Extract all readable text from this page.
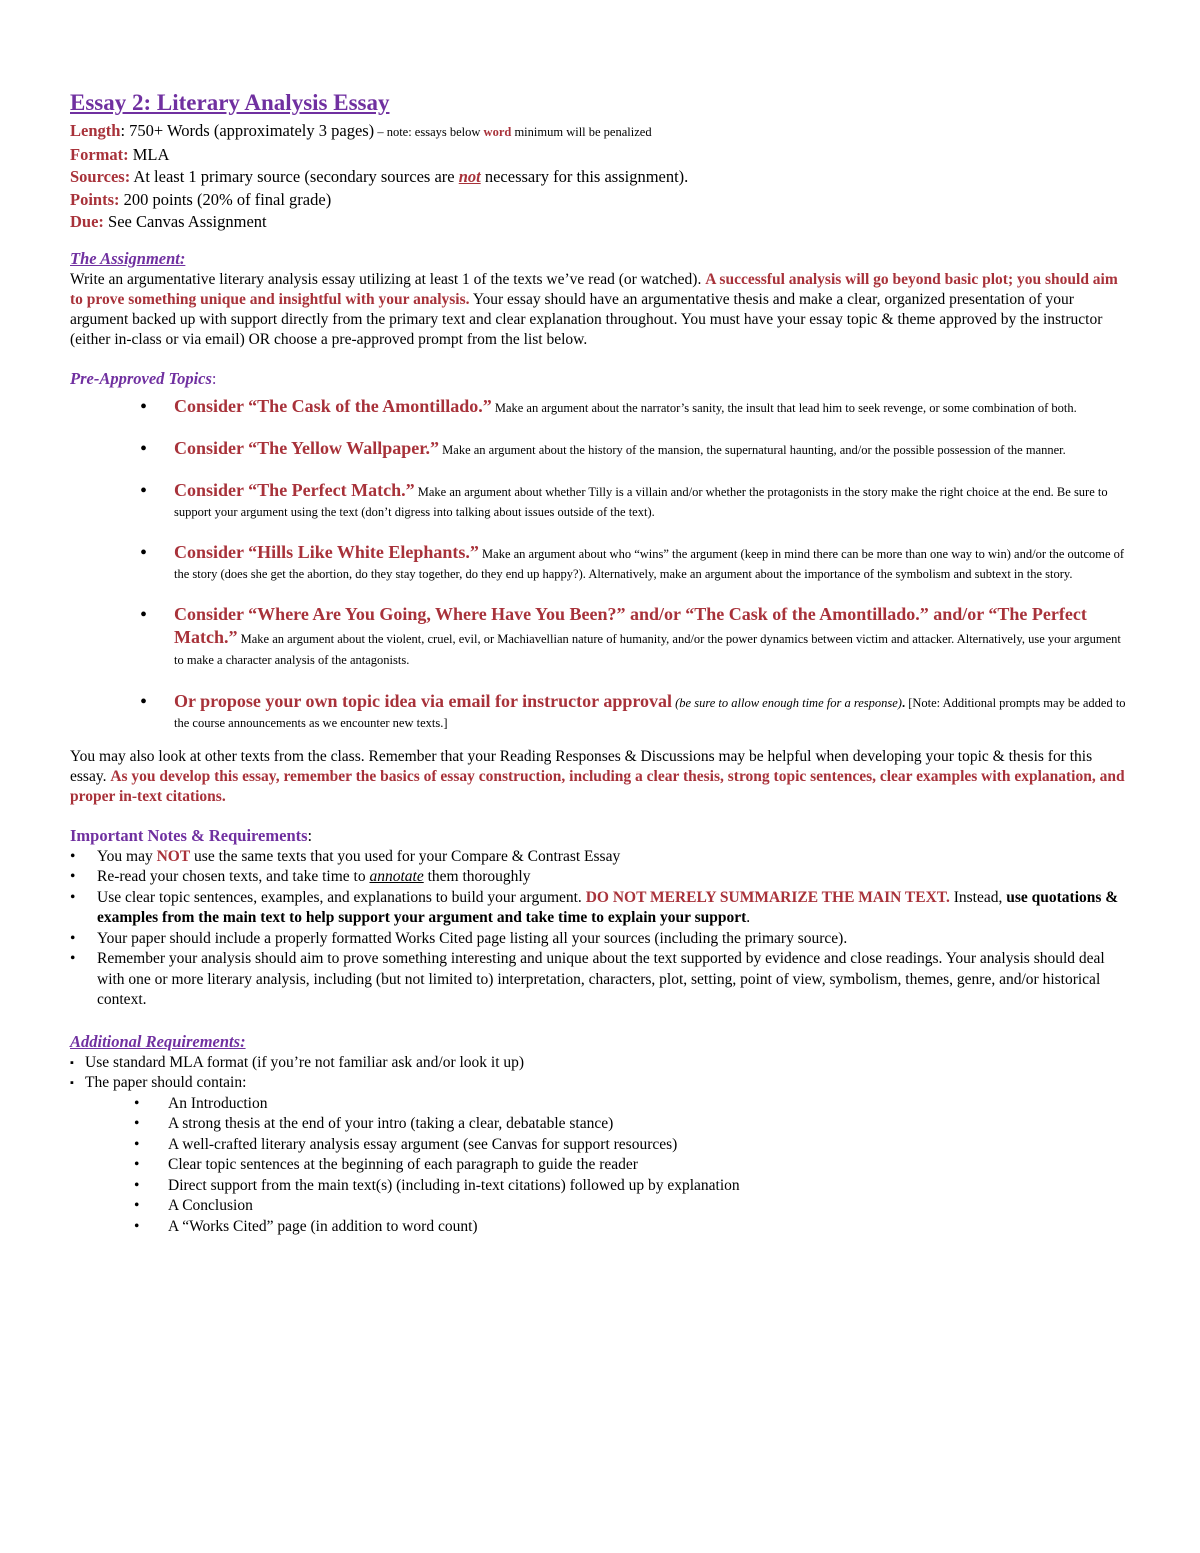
Essay 2: Literary Analysis Essay

Length: 750+ Words (approximately 3 pages) – note: essays below word minimum will be penalized

Format: MLA

Sources: At least 1 primary source (secondary sources are not necessary for this assignment).

Points: 200 points (20% of final grade)

Due: See Canvas Assignment

The Assignment:

Write an argumentative literary analysis essay utilizing at least 1 of the texts we’ve read (or watched). A successful analysis will go beyond basic plot; you should aim to prove something unique and insightful with your analysis. Your essay should have an argumentative thesis and make a clear, organized presentation of your argument backed up with support directly from the primary text and clear explanation throughout. You must have your essay topic & theme approved by the instructor (either in-class or via email) OR choose a pre-approved prompt from the list below.

Pre-Approved Topics:
• Consider “The Cask of the Amontillado.” Make an argument about the narrator’s sanity, the insult that lead him to seek revenge, or some combination of both.
• Consider “The Yellow Wallpaper.” Make an argument about the history of the mansion, the supernatural haunting, and/or the possible possession of the manner.
• Consider “The Perfect Match.” Make an argument about whether Tilly is a villain and/or whether the protagonists in the story make the right choice at the end. Be sure to support your argument using the text (don’t digress into talking about issues outside of the text).
• Consider “Hills Like White Elephants.” Make an argument about who “wins” the argument (keep in mind there can be more than one way to win) and/or the outcome of the story (does she get the abortion, do they stay together, do they end up happy?). Alternatively, make an argument about the importance of the symbolism and subtext in the story.
• Consider “Where Are You Going, Where Have You Been?” and/or “The Cask of the Amontillado.” and/or “The Perfect Match.” Make an argument about the violent, cruel, evil, or Machiavellian nature of humanity, and/or the power dynamics between victim and attacker. Alternatively, use your argument to make a character analysis of the antagonists.
• Or propose your own topic idea via email for instructor approval (be sure to allow enough time for a response). [Note: Additional prompts may be added to the course announcements as we encounter new texts.]

You may also look at other texts from the class. Remember that your Reading Responses & Discussions may be helpful when developing your topic & thesis for this essay. As you develop this essay, remember the basics of essay construction, including a clear thesis, strong topic sentences, clear examples with explanation, and proper in-text citations.

Important Notes & Requirements:
• You may NOT use the same texts that you used for your Compare & Contrast Essay
• Re-read your chosen texts, and take time to annotate them thoroughly
• Use clear topic sentences, examples, and explanations to build your argument. DO NOT MERELY SUMMARIZE THE MAIN TEXT. Instead, use quotations & examples from the main text to help support your argument and take time to explain your support.
• Your paper should include a properly formatted Works Cited page listing all your sources (including the primary source).
• Remember your analysis should aim to prove something interesting and unique about the text supported by evidence and close readings. Your analysis should deal with one or more literary analysis, including (but not limited to) interpretation, characters, plot, setting, point of view, symbolism, themes, genre, and/or historical context.
Additional Requirements:
▪ Use standard MLA format (if you’re not familiar ask and/or look it up)
▪ The paper should contain:
• An Introduction
• A strong thesis at the end of your intro (taking a clear, debatable stance)
• A well-crafted literary analysis essay argument (see Canvas for support resources)
• Clear topic sentences at the beginning of each paragraph to guide the reader
• Direct support from the main text(s) (including in-text citations) followed up by explanation
• A Conclusion
• A “Works Cited” page (in addition to word count)
